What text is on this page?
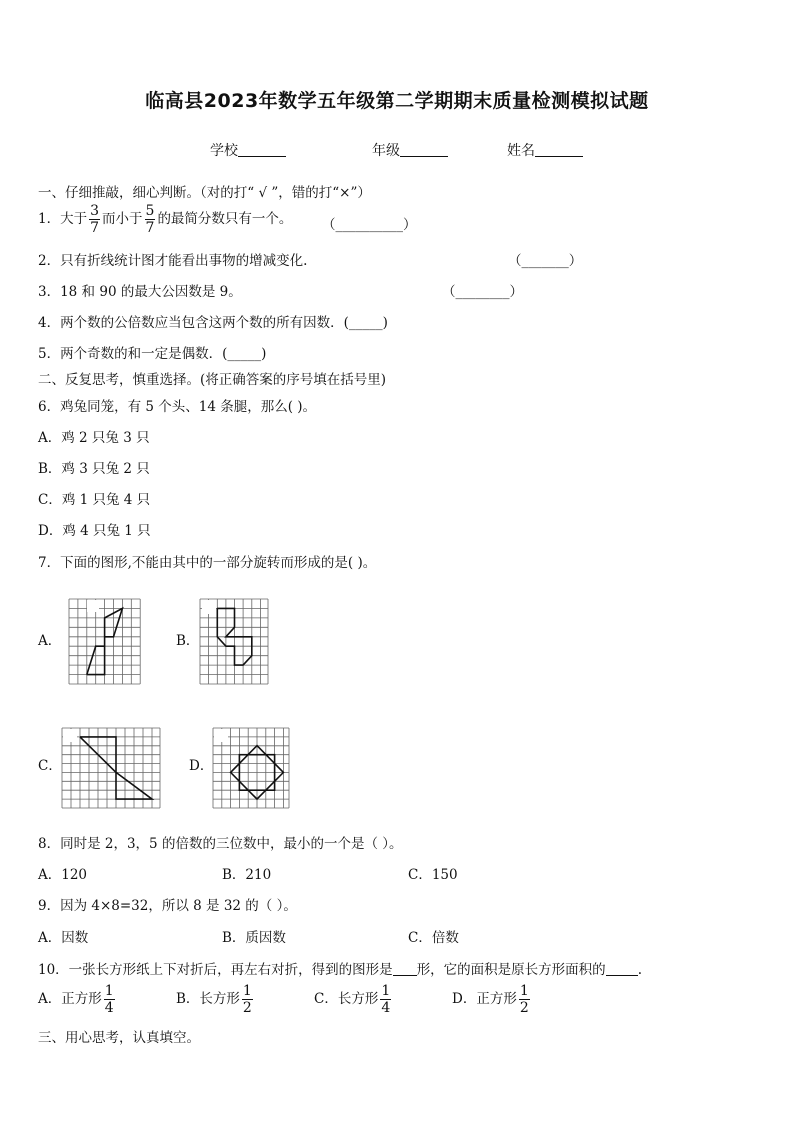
临高县2023年数学五年级第二学期期末质量检测模拟试题
学校	年级	姓名
一、仔细推敲，细心判断。（对的打“ √ ”，错的打“×”）
1．大于 $\frac{3}{7}$ 而小于 $\frac{5}{7}$ 的最简分数只有一个。 （__________）
2．只有折线统计图才能看出事物的增减变化.	（_______）
3．18 和 90 的最大公因数是 9。	（________）
4．两个数的公倍数应当包含这两个数的所有因数．(_____)
5．两个奇数的和一定是偶数．(_____)
二、反复思考，慎重选择。(将正确答案的序号填在括号里)
6．鸡兔同笼，有 5 个头、14 条腿，那么( )。
A．鸡 2 只兔 3 只
B．鸡 3 只兔 2 只
C．鸡 1 只兔 4 只
D．鸡 4 只兔 1 只
7．下面的图形,不能由其中的一部分旋转而形成的是( )。
A．	B．
C．	D．
8．同时是 2，3，5 的倍数的三位数中，最小的一个是（ ）。
A．120	B．210	C．150
9．因为 4×8=32，所以 8 是 32 的（ ）。
A．因数	B．质因数	C．倍数
10．一张长方形纸上下对折后，再左右对折，得到的图形是 形，它的面积是原长方形面积的 .
A．正方形 $\frac{1}{4}$	B．长方形 $\frac{1}{2}$	C．长方形 $\frac{1}{4}$	D．正方形 $\frac{1}{2}$
三、用心思考，认真填空。
